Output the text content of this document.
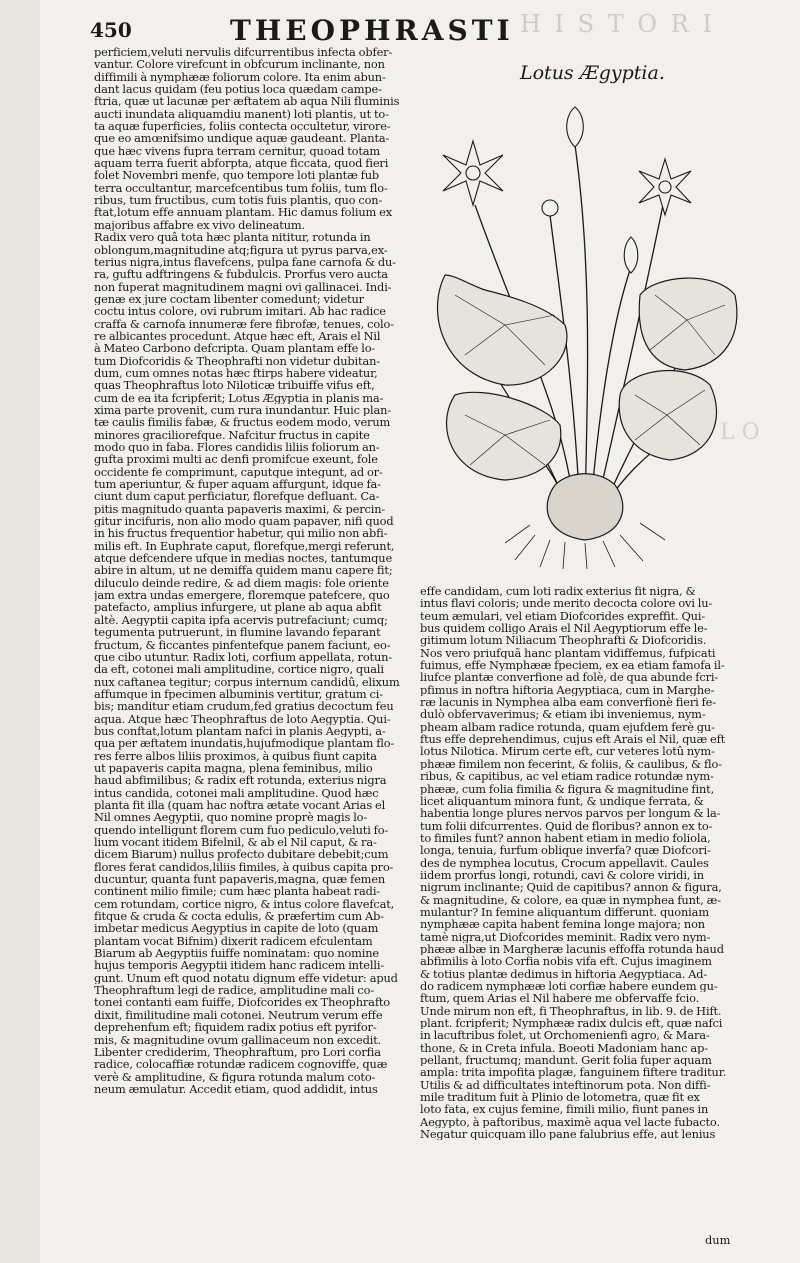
H I S T O R I
L O
450	THEOPHRASTI
perficiem,veluti nervulis difcurrentibus infecta obfer-
vantur. Colore virefcunt in obfcurum inclinante, non
diffimili à nymphææ foliorum colore. Ita enim abun-
dant lacus quidam (feu potius loca quædam campe-
ftria, quæ ut lacunæ per æftatem ab aqua Nili fluminis
aucti inundata aliquamdiu manent) loti plantis, ut to-
ta aquæ fuperficies, foliis contecta occultetur, virore-
que eo amœnifsimo undique aquæ gaudeant. Planta-
que hæc vivens fupra terram cernitur, quoad totam
aquam terra fuerit abforpta, atque ficcata, quod fieri
folet Novembri menfe, quo tempore loti plantæ fub
terra occultantur, marcefcentibus tum foliis, tum flo-
ribus, tum fructibus, cum totis fuis plantis, quo con-
ftat,lotum effe annuam plantam. Hic damus folium ex
majoribus affabre ex vivo delineatum.
Radix vero quâ tota hæc planta nititur, rotunda in
oblongum,magnitudine atq;figura ut pyrus parva,ex-
terius nigra,intus flavefcens, pulpa fane carnofa & du-
ra, guftu adftringens & fubdulcis. Prorfus vero aucta
non fuperat magnitudinem magni ovi gallinacei. Indi-
genæ ex jure coctam libenter comedunt; videtur
coctu intus colore, ovi rubrum imitari. Ab hac radice
craffa & carnofa innumeræ fere fibrofæ, tenues, colo-
re albicantes procedunt. Atque hæc eft, Arais el Nil
à Mateo Carbono defcripta. Quam plantam effe lo-
tum Diofcoridis & Theophrafti non videtur dubitan-
dum, cum omnes notas hæc ftirps habere videatur,
quas Theophraftus loto Niloticæ tribuiffe vifus eft,
cum de ea ita fcripferit; Lotus Ægyptia in planis ma-
xima parte provenit, cum rura inundantur. Huic plan-
tæ caulis fimilis fabæ, & fructus eodem modo, verum
minores graciliorefque. Nafcitur fructus in capite
modo quo in faba. Flores candidis liliis foliorum an-
gufta proximi multi ac denfi promifcue exeunt, fole
occidente fe comprimunt, caputque integunt, ad or-
tum aperiuntur, & fuper aquam affurgunt, idque fa-
ciunt dum caput perficiatur, florefque defluant. Ca-
pitis magnitudo quanta papaveris maximi, & percin-
gitur incifuris, non alio modo quam papaver, nifi quod
in his fructus frequentior habetur, qui milio non abfi-
milis eft. In Euphrate caput, florefque,mergi referunt,
atque defcendere ufque in medias noctes, tantumque
abire in altum, ut ne demiffa quidem manu capere fit;
diluculo deinde redire, & ad diem magis: fole oriente
jam extra undas emergere, floremque patefcere, quo
patefacto, amplius infurgere, ut plane ab aqua abfit
altè. Aegyptii capita ipfa acervis putrefaciunt; cumq;
tegumenta putruerunt, in flumine lavando feparant
fructum, & ficcantes pinfentefque panem faciunt, eo-
que cibo utuntur. Radix loti, corfium appellata, rotun-
da eft, cotonei mali amplitudine, cortice nigro, quali
nux caftanea tegitur; corpus internum candidû, elixum
affumque in fpecimen albuminis vertitur, gratum ci-
bis; manditur etiam crudum,fed gratius decoctum feu
aqua. Atque hæc Theophraftus de loto Aegyptia. Qui-
bus conftat,lotum plantam nafci in planis Aegypti, a-
qua per æftatem inundatis,hujufmodique plantam flo-
res ferre albos liliis proximos, à quibus fiunt capita
ut papaveris capita magna, plena feminibus, milio
haud abfimilibus; & radix eft rotunda, exterius nigra
intus candida, cotonei mali amplitudine. Quod hæc
planta fit illa (quam hac noftra ætate vocant Arias el
Nil omnes Aegyptii, quo nomine proprè magis lo-
quendo intelligunt florem cum fuo pediculo,veluti fo-
lium vocant itidem Bifelnil, & ab el Nil caput, & ra-
dicem Biarum) nullus profecto dubitare debebit;cum
flores ferat candidos,liliis fimiles, à quibus capita pro-
ducuntur, quanta funt papaveris,magna, quæ femen
continent milio fimile; cum hæc planta habeat radi-
cem rotundam, cortice nigro, & intus colore flavefcat,
fitque & cruda & cocta edulis, & præfertim cum Ab-
imbetar medicus Aegyptius in capite de loto (quam
plantam vocat Bifnim) dixerit radicem efculentam
Biarum ab Aegyptiis fuiffe nominatam: quo nomine
hujus temporis Aegyptii itidem hanc radicem intelli-
gunt. Unum eft quod notatu dignum effe videtur: apud
Theophraftum legi de radice, amplitudine mali co-
tonei contanti eam fuiffe, Diofcorides ex Theophrafto
dixit, fimilitudine mali cotonei. Neutrum verum effe
deprehenfum eft; fiquidem radix potius eft pyrifor-
mis, & magnitudine ovum gallinaceum non excedit.
Libenter crediderim, Theophraftum, pro Lori corfia
radice, colocaffiæ rotundæ radicem cognoviffe, quæ
verè & amplitudine, & figura rotunda malum coto-
neum æmulatur. Accedit etiam, quod addidit, intus
Lotus Ægyptia.
effe candidam, cum loti radix exterius fit nigra, &
intus flavi coloris; unde merito decocta colore ovi lu-
teum æmulari, vel etiam Diofcorides expreffit. Qui-
bus quidem colligo Arais el Nil Aegyptiorum effe le-
gitimum lotum Niliacum Theophrafti & Diofcoridis.
Nos vero priufquã hanc plantam vidiffemus, fufpicati
fuimus, effe Nymphææ fpeciem, ex ea etiam famofa il-
liufce plantæ converfione ad folè, de qua abunde fcri-
pfimus in noftra hiftoria Aegyptiaca, cum in Marghe-
ræ lacunis in Nymphea alba eam converfionè fieri fe-
dulò obfervaverimus; & etiam ibi inveniemus, nym-
pheam albam radice rotunda, quam ejufdem ferè gu-
ftus effe deprehendimus, cujus eft Arais el Nil, quæ eft
lotus Nilotica. Mirum certe eft, cur veteres lotû nym-
phææ fimilem non fecerint, & foliis, & caulibus, & flo-
ribus, & capitibus, ac vel etiam radice rotundæ nym-
phææ, cum folia fimilia & figura & magnitudine fint,
licet aliquantum minora funt, & undique ferrata, &
habentia longe plures nervos parvos per longum & la-
tum folii difcurrentes. Quid de floribus? annon ex to-
to fimiles funt? annon habent etiam in medio foliola,
longa, tenuia, furfum oblique inverfa? quæ Diofcori-
des de nymphea locutus, Crocum appellavit. Caules
iidem prorfus longi, rotundi, cavi & colore viridi, in
nigrum inclinante; Quid de capitibus? annon & figura,
& magnitudine, & colore, ea quæ in nymphea funt, æ-
mulantur? In femine aliquantum differunt. quoniam
nymphææ capita habent femina longe majora; non
tamè nigra,ut Diofcorides meminit. Radix vero nym-
phææ albæ in Margheræ lacunis effoffa rotunda haud
abfimilis à loto Corfia nobis vifa eft. Cujus imaginem
& totius plantæ dedimus in hiftoria Aegyptiaca. Ad-
do radicem nymphææ loti corfiæ habere eundem gu-
ftum, quem Arias el Nil habere me obfervaffe fcio.
Unde mirum non eft, fi Theophraftus, in lib. 9. de Hift.
plant. fcripferit; Nymphææ radix dulcis eft, quæ nafci
in lacuftribus folet, ut Orchomenienfi agro, & Mara-
thone, & in Creta infula. Boeoti Madoniam hanc ap-
pellant, fructumq; mandunt. Gerit folia fuper aquam
ampla: trita impofita plagæ, fanguinem fiftere traditur.
Utilis & ad difficultates inteftinorum pota. Non diffi-
mile traditum fuit à Plinio de lotometra, quæ fit ex
loto fata, ex cujus femine, fimili milio, fiunt panes in
Aegypto, à paftoribus, maximè aqua vel lacte fubacto.
Negatur quicquam illo pane falubrius effe, aut lenius
dum
